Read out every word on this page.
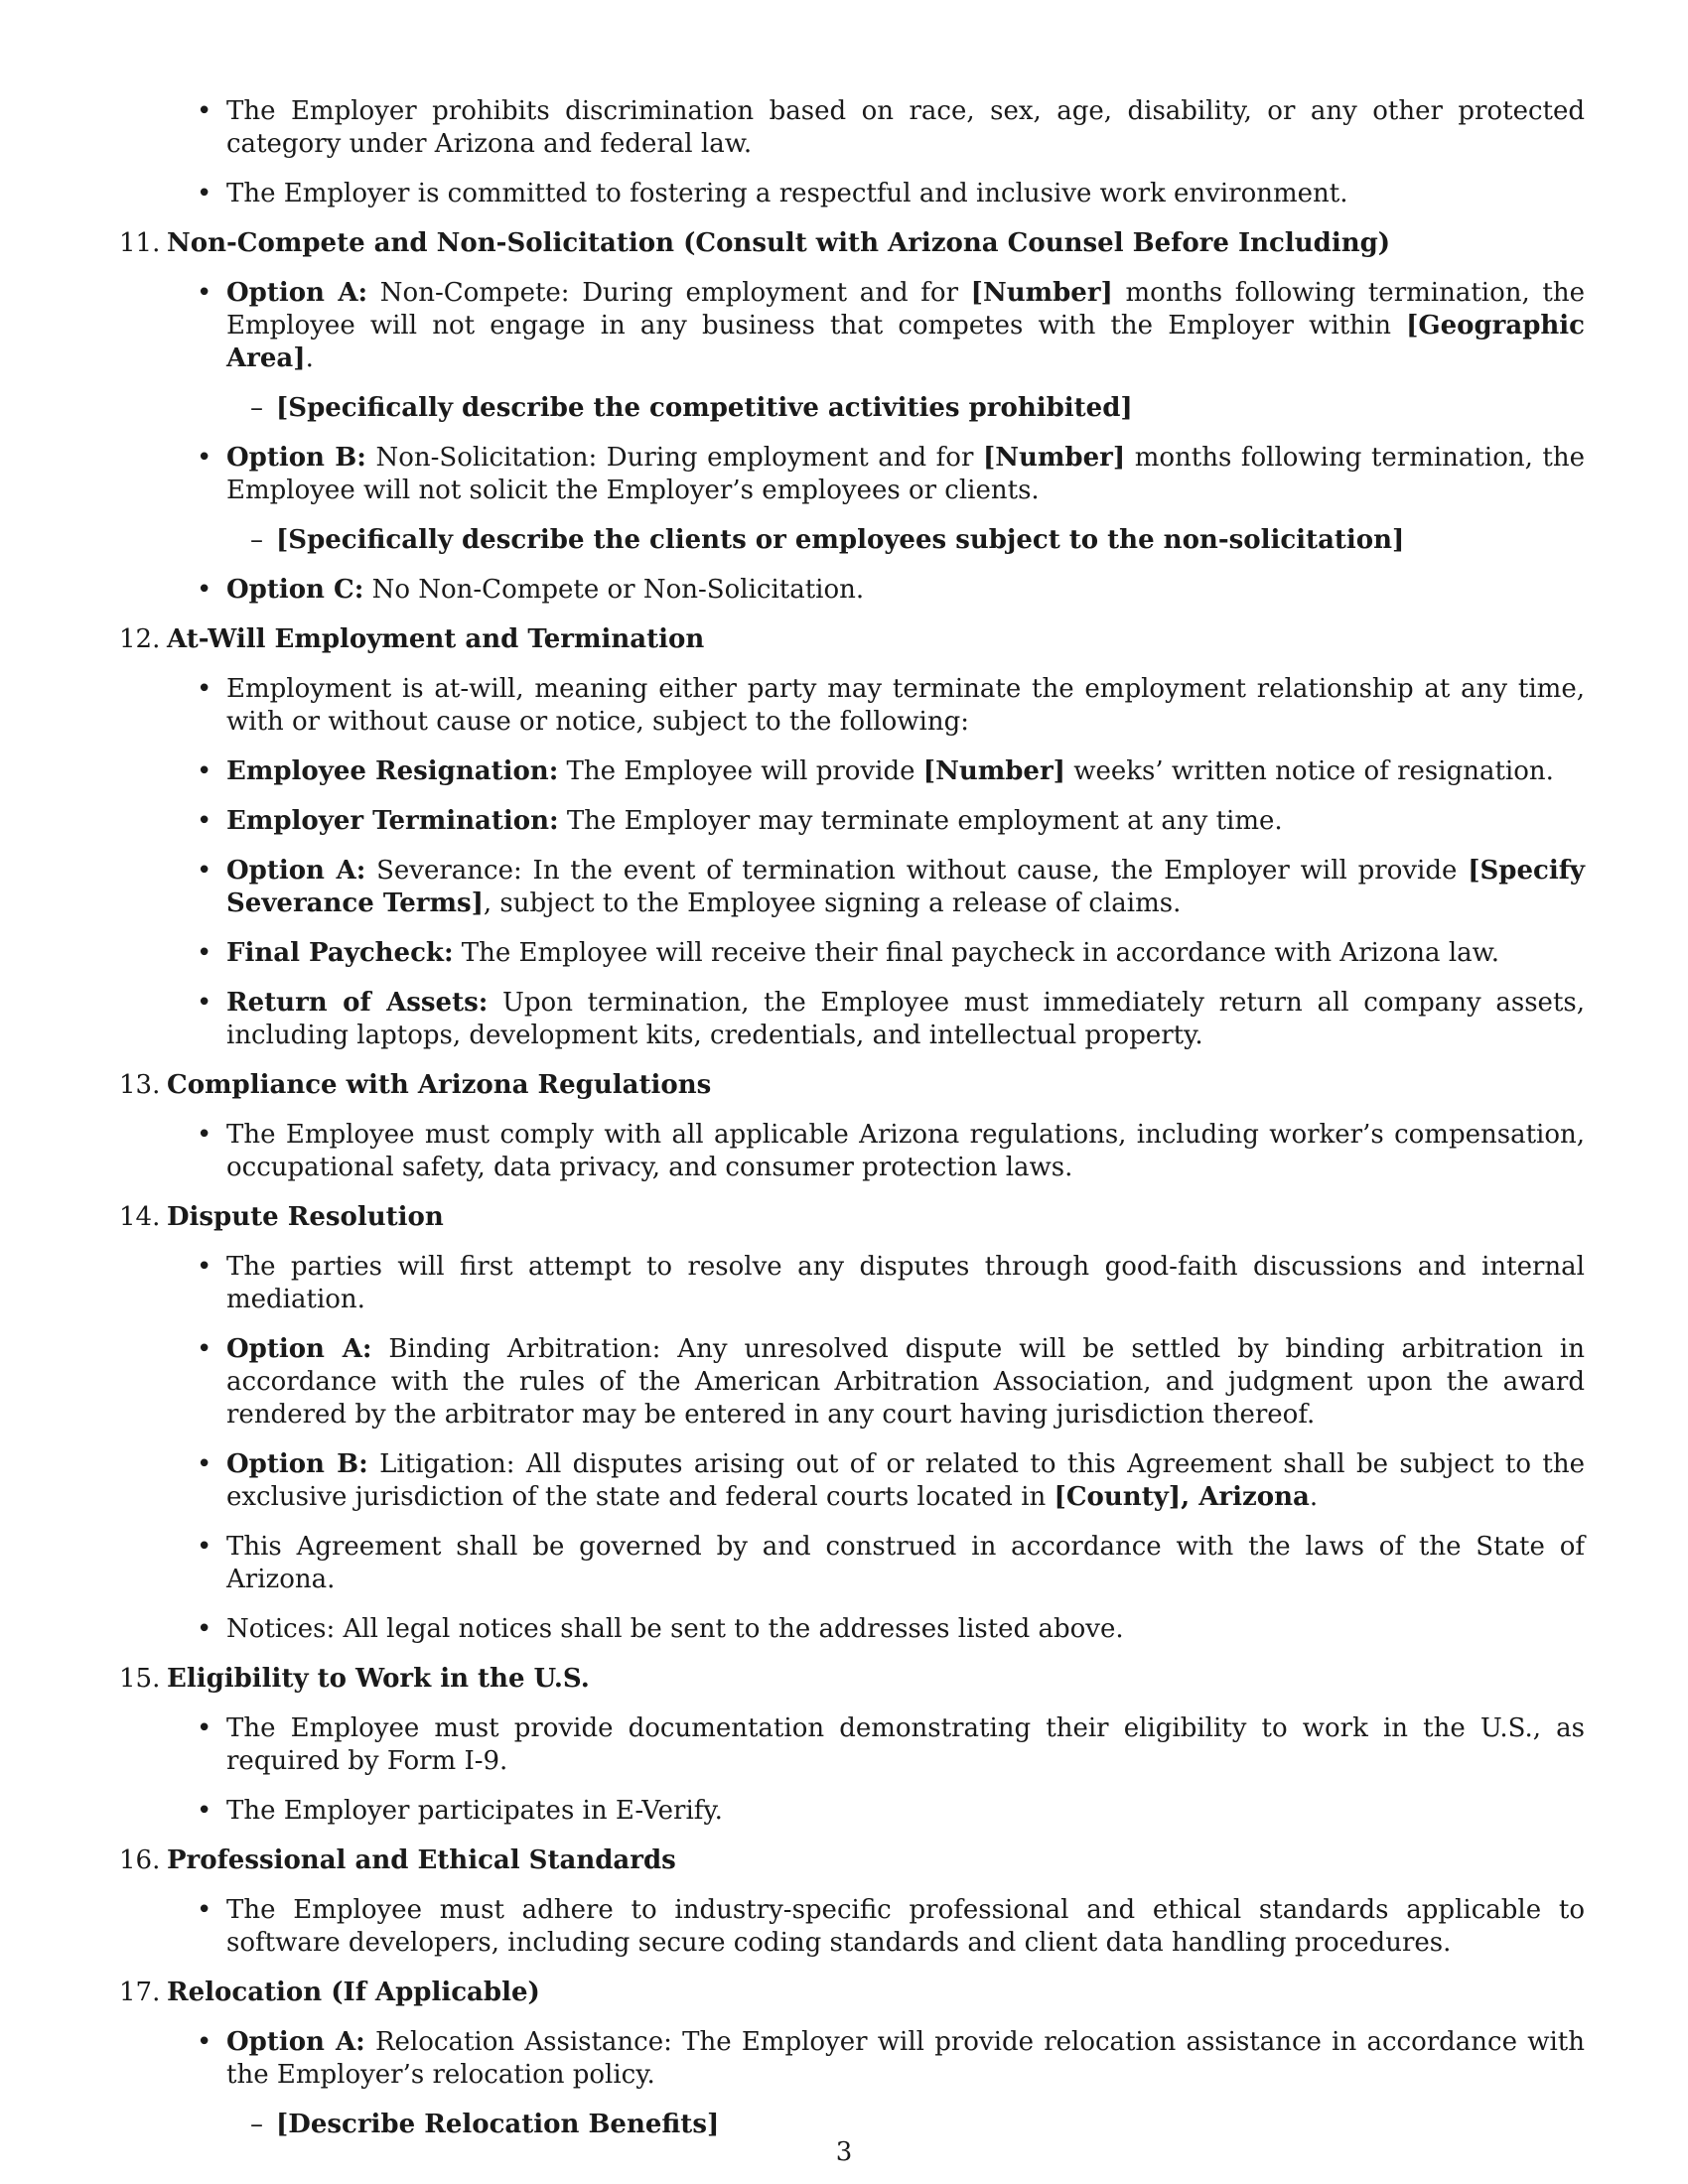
• The Employer prohibits discrimination based on race, sex, age, disability, or any other protected category under Arizona and federal law.
• The Employer is committed to fostering a respectful and inclusive work environment.
11. Non-Compete and Non-Solicitation (Consult with Arizona Counsel Before Including)
• Option A: Non-Compete: During employment and for [Number] months following termination, the Employee will not engage in any business that competes with the Employer within [Geographic Area].
– [Specifically describe the competitive activities prohibited]
• Option B: Non-Solicitation: During employment and for [Number] months following termination, the Employee will not solicit the Employer’s employees or clients.
– [Specifically describe the clients or employees subject to the non-solicitation]
• Option C: No Non-Compete or Non-Solicitation.
12. At-Will Employment and Termination
• Employment is at-will, meaning either party may terminate the employment relationship at any time, with or without cause or notice, subject to the following:
• Employee Resignation: The Employee will provide [Number] weeks’ written notice of resignation.
• Employer Termination: The Employer may terminate employment at any time.
• Option A: Severance: In the event of termination without cause, the Employer will provide [Specify Severance Terms], subject to the Employee signing a release of claims.
• Final Paycheck: The Employee will receive their final paycheck in accordance with Arizona law.
• Return of Assets: Upon termination, the Employee must immediately return all company assets, including laptops, development kits, credentials, and intellectual property.
13. Compliance with Arizona Regulations
• The Employee must comply with all applicable Arizona regulations, including worker’s compensation, occupational safety, data privacy, and consumer protection laws.
14. Dispute Resolution
• The parties will first attempt to resolve any disputes through good-faith discussions and internal mediation.
• Option A: Binding Arbitration: Any unresolved dispute will be settled by binding arbitration in accordance with the rules of the American Arbitration Association, and judgment upon the award rendered by the arbitrator may be entered in any court having jurisdiction thereof.
• Option B: Litigation: All disputes arising out of or related to this Agreement shall be subject to the exclusive jurisdiction of the state and federal courts located in [County], Arizona.
• This Agreement shall be governed by and construed in accordance with the laws of the State of Arizona.
• Notices: All legal notices shall be sent to the addresses listed above.
15. Eligibility to Work in the U.S.
• The Employee must provide documentation demonstrating their eligibility to work in the U.S., as required by Form I-9.
• The Employer participates in E-Verify.
16. Professional and Ethical Standards
• The Employee must adhere to industry-specific professional and ethical standards applicable to software developers, including secure coding standards and client data handling procedures.
17. Relocation (If Applicable)
• Option A: Relocation Assistance: The Employer will provide relocation assistance in accordance with the Employer’s relocation policy.
– [Describe Relocation Benefits]
3
